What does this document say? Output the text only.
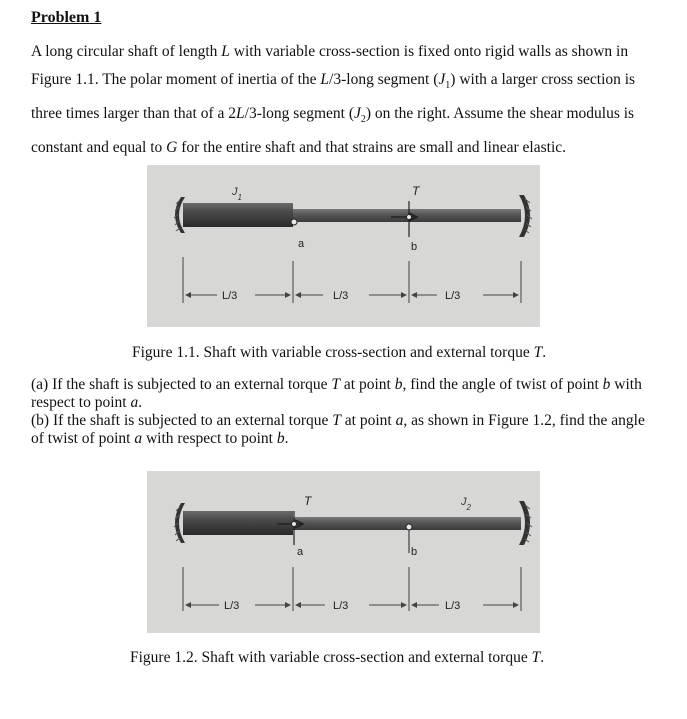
Problem 1

A long circular shaft of length L with variable cross-section is fixed onto rigid walls as shown in Figure 1.1. The polar moment of inertia of the L/3-long segment $(J_1)$ with a larger cross section is three times larger than that of a 2L/3-long segment $(J_2)$ on the right. Assume the shear modulus is constant and equal to G for the entire shaft and that strains are small and linear elastic.

a
T
b
$J_1$
L/3	L/3	L/3
Figure 1.1. Shaft with variable cross-section and external torque T.

(a) If the shaft is subjected to an external torque T at point b, find the angle of twist of point b with respect to point a.

(b) If the shaft is subjected to an external torque T at point a, as shown in Figure 1.2, find the angle of twist of point a with respect to point b.

T
a	b
$J_2$
L/3	L/3	L/3
Figure 1.2. Shaft with variable cross-section and external torque T.
